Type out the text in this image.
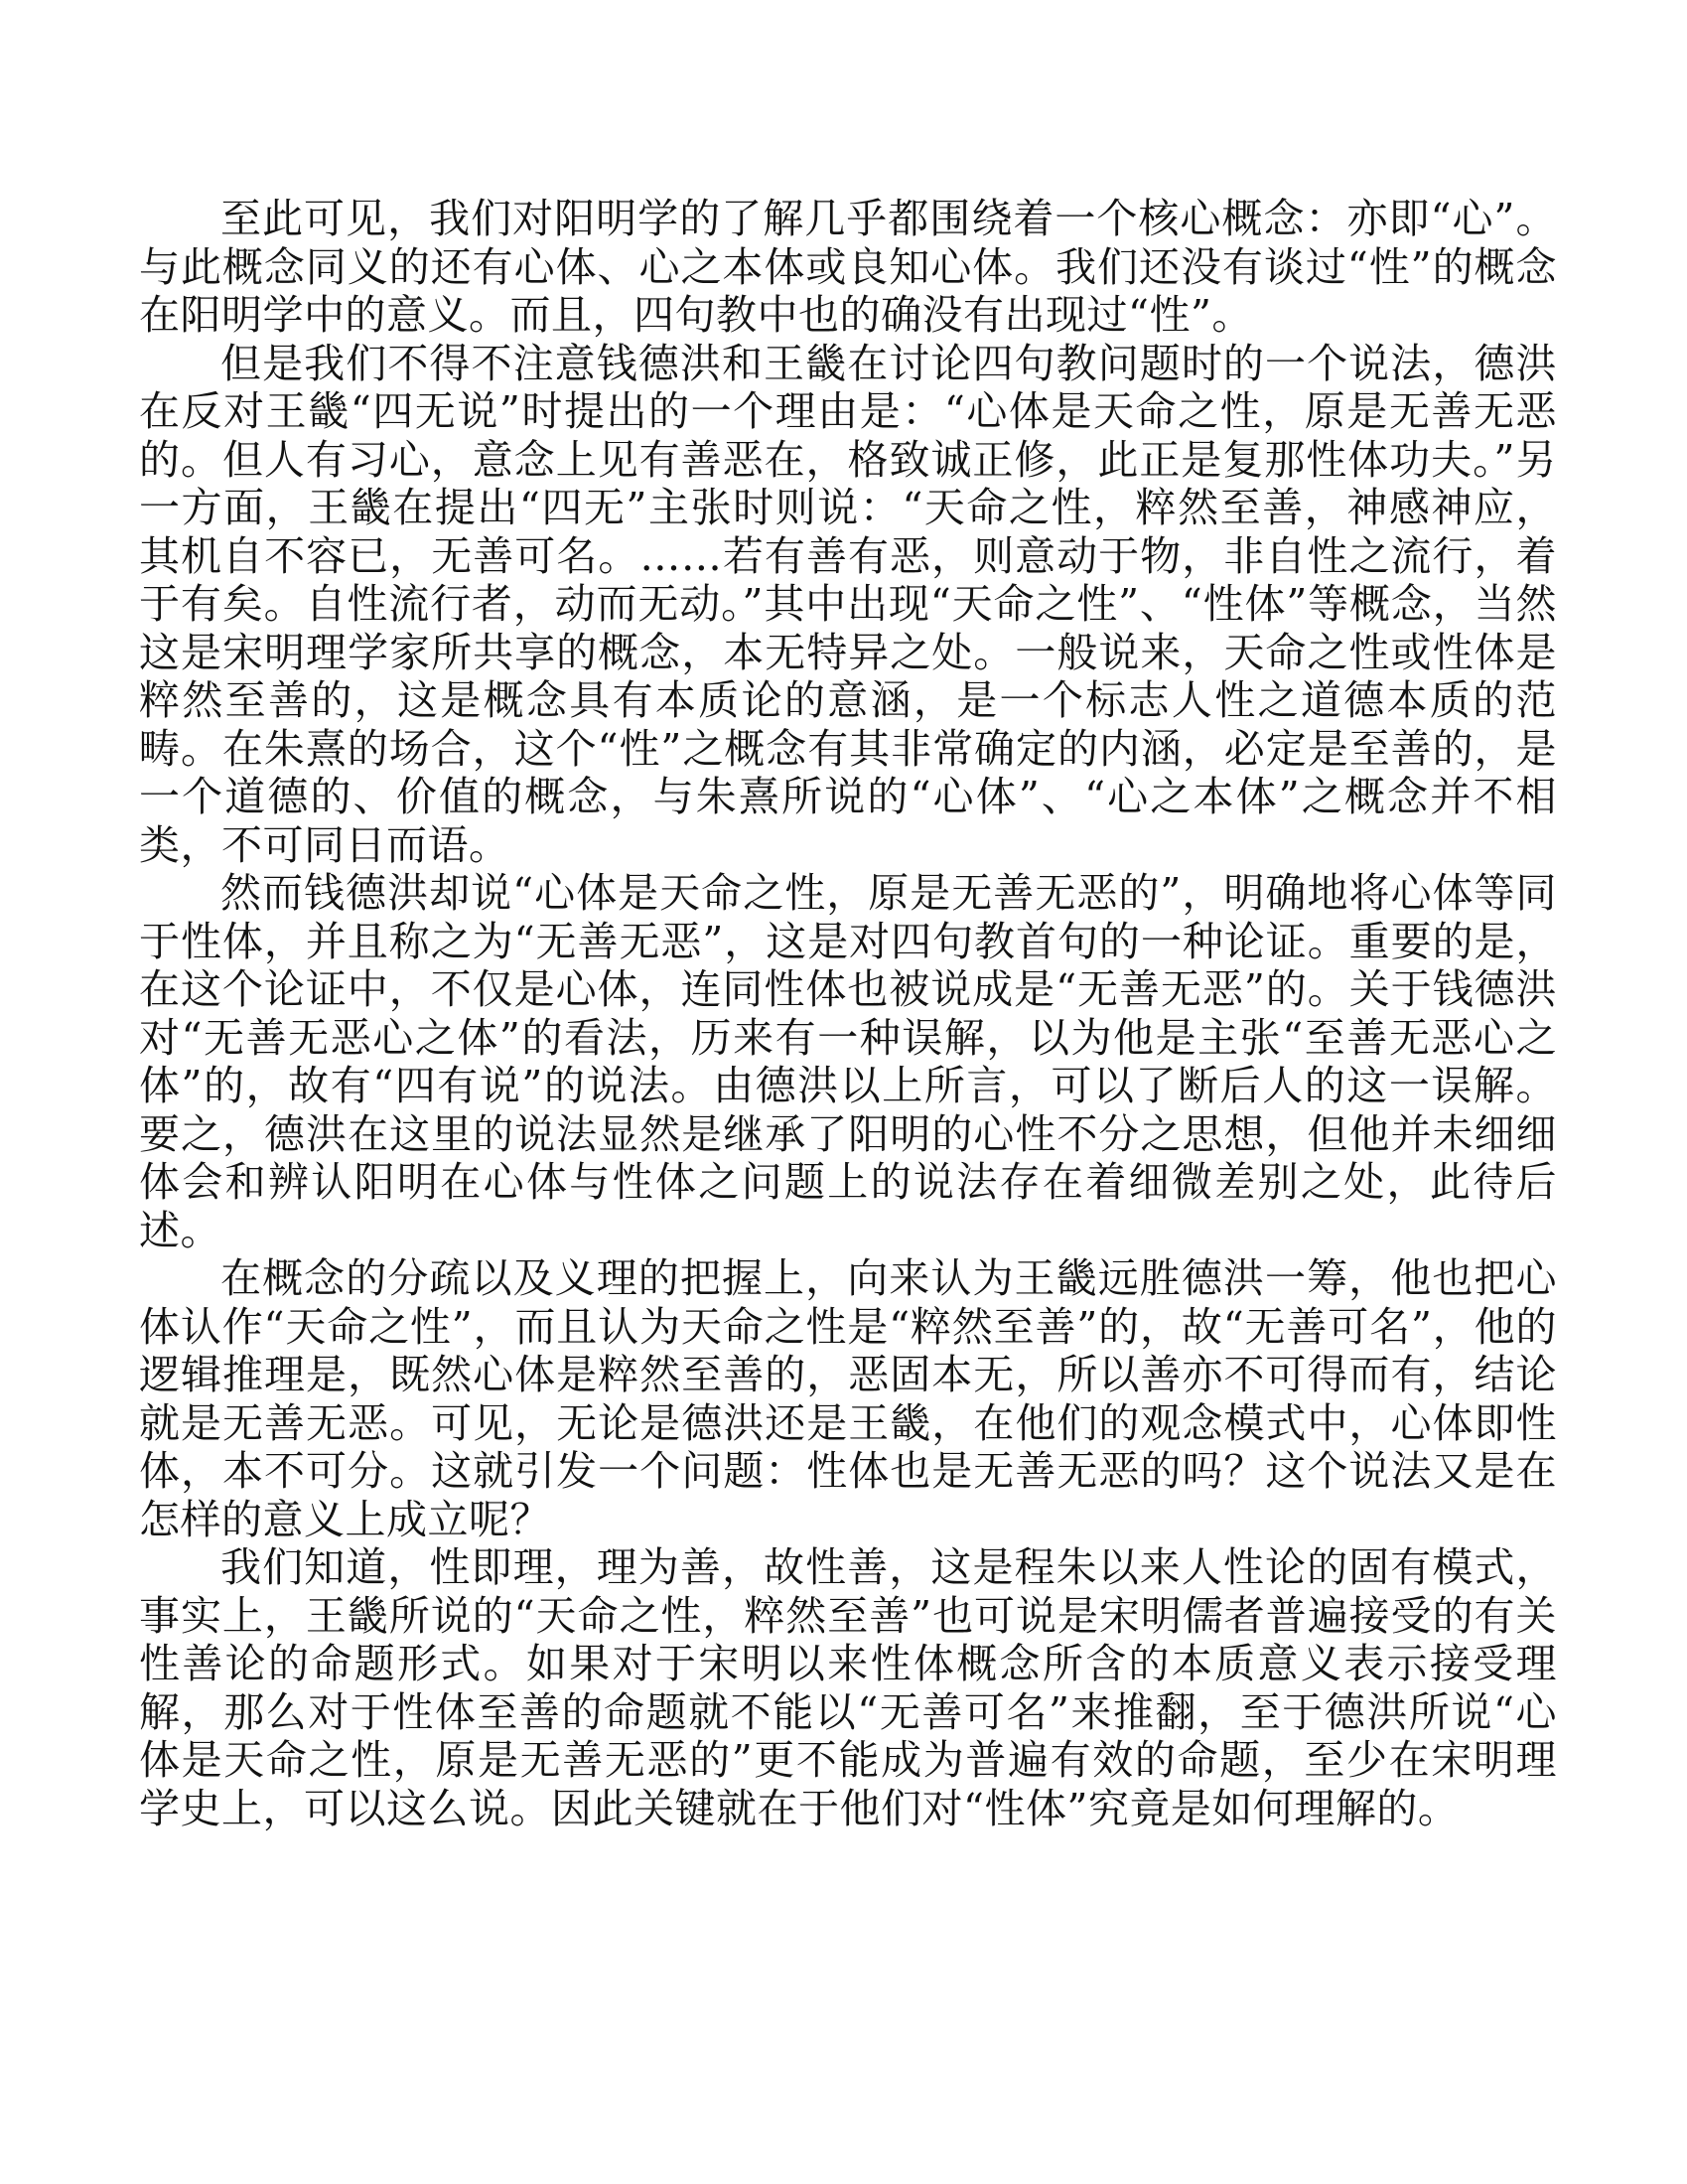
至此可见，我们对阳明学的了解几乎都围绕着一个核心概念：亦即“心”。与此概念同义的还有心体、心之本体或良知心体。我们还没有谈过“性”的概念在阳明学中的意义。而且，四句教中也的确没有出现过“性”。

但是我们不得不注意钱德洪和王畿在讨论四句教问题时的一个说法，德洪在反对王畿“四无说”时提出的一个理由是：“心体是天命之性，原是无善无恶的。但人有习心，意念上见有善恶在，格致诚正修，此正是复那性体功夫。”另一方面，王畿在提出“四无”主张时则说：“天命之性，粹然至善，神感神应，其机自不容已，无善可名。……若有善有恶，则意动于物，非自性之流行，着于有矣。自性流行者，动而无动。”其中出现“天命之性”、“性体”等概念，当然这是宋明理学家所共享的概念，本无特异之处。一般说来，天命之性或性体是粹然至善的，这是概念具有本质论的意涵，是一个标志人性之道德本质的范畴。在朱熹的场合，这个“性”之概念有其非常确定的内涵，必定是至善的，是一个道德的、价值的概念，与朱熹所说的“心体”、“心之本体”之概念并不相类，不可同日而语。

然而钱德洪却说“心体是天命之性，原是无善无恶的”，明确地将心体等同于性体，并且称之为“无善无恶”，这是对四句教首句的一种论证。重要的是，在这个论证中，不仅是心体，连同性体也被说成是“无善无恶”的。关于钱德洪对“无善无恶心之体”的看法，历来有一种误解，以为他是主张“至善无恶心之体”的，故有“四有说”的说法。由德洪以上所言，可以了断后人的这一误解。要之，德洪在这里的说法显然是继承了阳明的心性不分之思想，但他并未细细体会和辨认阳明在心体与性体之问题上的说法存在着细微差别之处，此待后述。

在概念的分疏以及义理的把握上，向来认为王畿远胜德洪一筹，他也把心体认作“天命之性”，而且认为天命之性是“粹然至善”的，故“无善可名”，他的逻辑推理是，既然心体是粹然至善的，恶固本无，所以善亦不可得而有，结论就是无善无恶。可见，无论是德洪还是王畿，在他们的观念模式中，心体即性体，本不可分。这就引发一个问题：性体也是无善无恶的吗？这个说法又是在怎样的意义上成立呢？

我们知道，性即理，理为善，故性善，这是程朱以来人性论的固有模式，事实上，王畿所说的“天命之性，粹然至善”也可说是宋明儒者普遍接受的有关性善论的命题形式。如果对于宋明以来性体概念所含的本质意义表示接受理解，那么对于性体至善的命题就不能以“无善可名”来推翻，至于德洪所说“心体是天命之性，原是无善无恶的”更不能成为普遍有效的命题，至少在宋明理学史上，可以这么说。因此关键就在于他们对“性体”究竟是如何理解的。
